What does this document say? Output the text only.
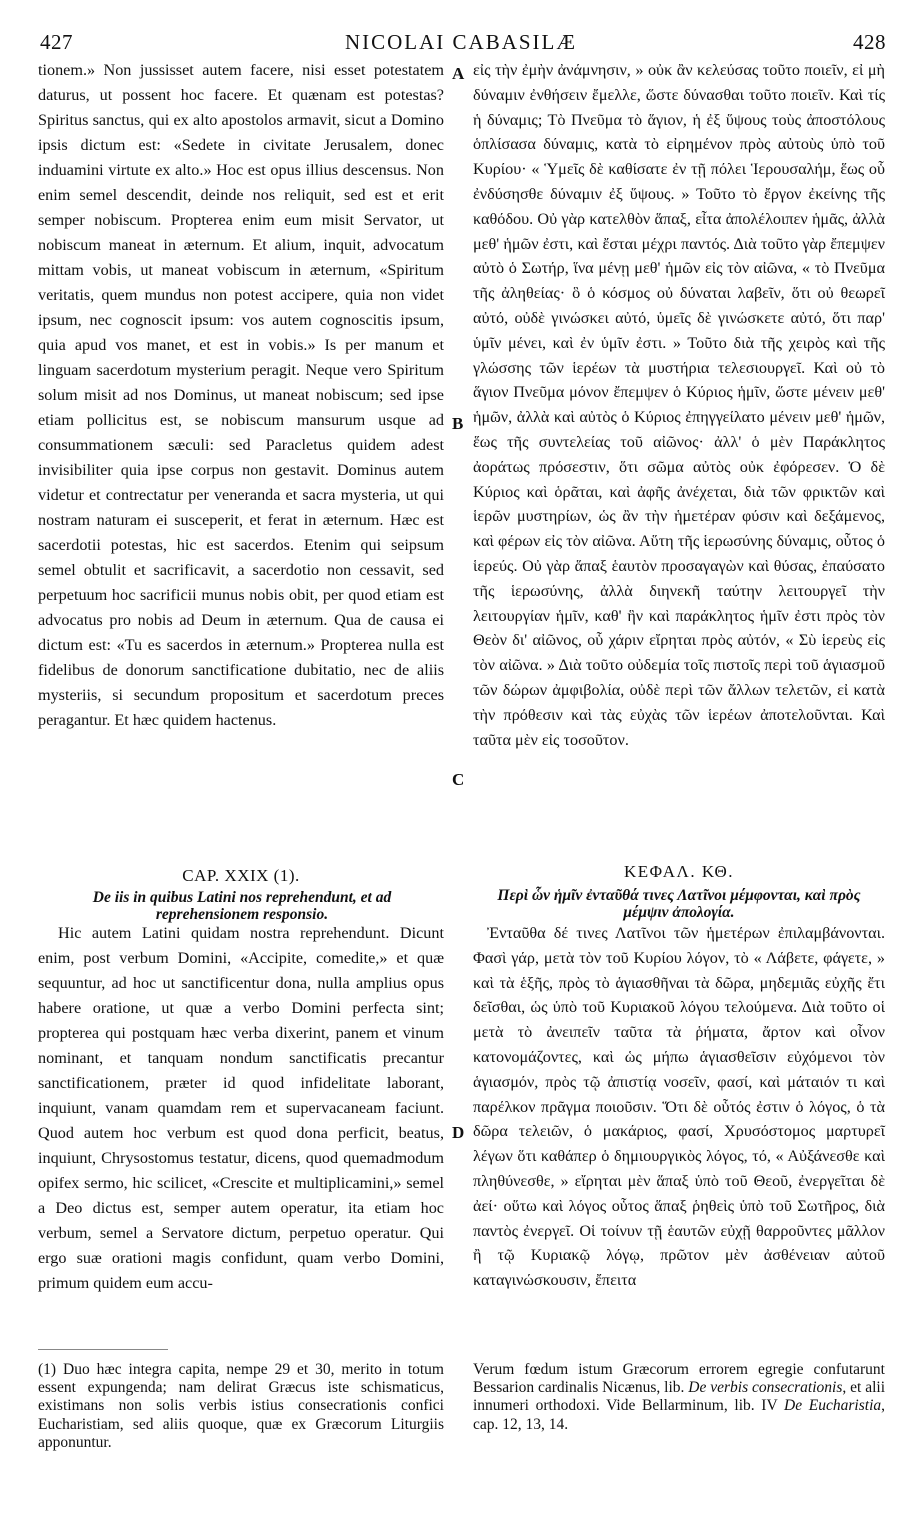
427	NICOLAI CABASILÆ	428

tionem.» Non jussisset autem facere, nisi esset potestatem daturus, ut possent hoc facere. Et quænam est potestas? Spiritus sanctus, qui ex alto apostolos armavit, sicut a Domino ipsis dictum est: «Sedete in civitate Jerusalem, donec induamini virtute ex alto.» Hoc est opus illius descensus. Non enim semel descendit, deinde nos reliquit, sed est et erit semper nobiscum. Propterea enim eum misit Servator, ut nobiscum maneat in æternum. Et alium, inquit, advocatum mittam vobis, ut maneat vobiscum in æternum, «Spiritum veritatis, quem mundus non potest accipere, quia non videt ipsum, nec cognoscit ipsum: vos autem cognoscitis ipsum, quia apud vos manet, et est in vobis.» Is per manum et linguam sacerdotum mysterium peragit. Neque vero Spiritum solum misit ad nos Dominus, ut maneat nobiscum; sed ipse etiam pollicitus est, se nobiscum mansurum usque ad consummationem sæculi: sed Paracletus quidem adest invisibiliter quia ipse corpus non gestavit. Dominus autem videtur et contrectatur per veneranda et sacra mysteria, ut qui nostram naturam ei susceperit, et ferat in æternum. Hæc est sacerdotii potestas, hic est sacerdos. Etenim qui seipsum semel obtulit et sacrificavit, a sacerdotio non cessavit, sed perpetuum hoc sacrificii munus nobis obit, per quod etiam est advocatus pro nobis ad Deum in æternum. Qua de causa ei dictum est: «Tu es sacerdos in æternum.» Propterea nulla est fidelibus de donorum sanctificatione dubitatio, nec de aliis mysteriis, si secundum propositum et sacerdotum preces peragantur. Et hæc quidem hactenus.

εἰς τὴν ἐμὴν ἀνάμνησιν, » οὐκ ἂν κελεύσας τοῦτο ποιεῖν, εἰ μὴ δύναμιν ἐνθήσειν ἔμελλε, ὥστε δύνασθαι τοῦτο ποιεῖν. Καὶ τίς ἡ δύναμις; Τὸ Πνεῦμα τὸ ἅγιον, ἡ ἐξ ὕψους τοὺς ἀποστόλους ὁπλίσασα δύναμις, κατὰ τὸ εἰρημένον πρὸς αὐτοὺς ὑπὸ τοῦ Κυρίου· « Ὑμεῖς δὲ καθίσατε ἐν τῇ πόλει Ἱερουσαλήμ, ἕως οὗ ἐνδύσησθε δύναμιν ἐξ ὕψους. » Τοῦτο τὸ ἔργον ἐκείνης τῆς καθόδου. Οὐ γὰρ κατελθὸν ἅπαξ, εἶτα ἀπολέλοιπεν ἡμᾶς, ἀλλὰ μεθ' ἡμῶν ἐστι, καὶ ἔσται μέχρι παντός. Διὰ τοῦτο γὰρ ἔπεμψεν αὐτὸ ὁ Σωτήρ, ἵνα μένῃ μεθ' ἡμῶν εἰς τὸν αἰῶνα, « τὸ Πνεῦμα τῆς ἀληθείας· ὃ ὁ κόσμος οὐ δύναται λαβεῖν, ὅτι οὐ θεωρεῖ αὐτό, οὐδὲ γινώσκει αὐτό, ὑμεῖς δὲ γινώσκετε αὐτό, ὅτι παρ' ὑμῖν μένει, καὶ ἐν ὑμῖν ἐστι. » Τοῦτο διὰ τῆς χειρὸς καὶ τῆς γλώσσης τῶν ἱερέων τὰ μυστήρια τελεσιουργεῖ. Καὶ οὐ τὸ ἅγιον Πνεῦμα μόνον ἔπεμψεν ὁ Κύριος ἡμῖν, ὥστε μένειν μεθ' ἡμῶν, ἀλλὰ καὶ αὐτὸς ὁ Κύριος ἐπηγγείλατο μένειν μεθ' ἡμῶν, ἕως τῆς συντελείας τοῦ αἰῶνος· ἀλλ' ὁ μὲν Παράκλητος ἀοράτως πρόσεστιν, ὅτι σῶμα αὐτὸς οὐκ ἐφόρεσεν. Ὁ δὲ Κύριος καὶ ὁρᾶται, καὶ ἀφῆς ἀνέχεται, διὰ τῶν φρικτῶν καὶ ἱερῶν μυστηρίων, ὡς ἂν τὴν ἡμετέραν φύσιν καὶ δεξάμενος, καὶ φέρων εἰς τὸν αἰῶνα. Αὕτη τῆς ἱερωσύνης δύναμις, οὗτος ὁ ἱερεύς. Οὐ γὰρ ἅπαξ ἑαυτὸν προσαγαγὼν καὶ θύσας, ἐπαύσατο τῆς ἱερωσύνης, ἀλλὰ διηνεκῆ ταύτην λειτουργεῖ τὴν λειτουργίαν ἡμῖν, καθ' ἣν καὶ παράκλητος ἡμῖν ἐστι πρὸς τὸν Θεὸν δι' αἰῶνος, οὗ χάριν εἴρηται πρὸς αὐτόν, « Σὺ ἱερεὺς εἰς τὸν αἰῶνα. » Διὰ τοῦτο οὐδεμία τοῖς πιστοῖς περὶ τοῦ ἁγιασμοῦ τῶν δώρων ἀμφιβολία, οὐδὲ περὶ τῶν ἄλλων τελετῶν, εἰ κατὰ τὴν πρόθεσιν καὶ τὰς εὐχὰς τῶν ἱερέων ἀποτελοῦνται. Καὶ ταῦτα μὲν εἰς τοσοῦτον.

A
B
C
D
CAP. XXIX (1).
De iis in quibus Latini nos reprehendunt, et ad reprehensionem responsio.
ΚΕΦΑΛ. ΚΘ.
Περὶ ὧν ἡμῖν ἐνταῦθά τινες Λατῖνοι μέμφονται, καὶ πρὸς μέμψιν ἀπολογία.

Hic autem Latini quidam nostra reprehendunt. Dicunt enim, post verbum Domini, «Accipite, comedite,» et quæ sequuntur, ad hoc ut sanctificentur dona, nulla amplius opus habere oratione, ut quæ a verbo Domini perfecta sint; propterea qui postquam hæc verba dixerint, panem et vinum nominant, et tanquam nondum sanctificatis precantur sanctificationem, præter id quod infidelitate laborant, inquiunt, vanam quamdam rem et supervacaneam faciunt. Quod autem hoc verbum est quod dona perficit, beatus, inquiunt, Chrysostomus testatur, dicens, quod quemadmodum opifex sermo, hic scilicet, «Crescite et multiplicamini,» semel a Deo dictus est, semper autem operatur, ita etiam hoc verbum, semel a Servatore dictum, perpetuo operatur. Qui ergo suæ orationi magis confidunt, quam verbo Domini, primum quidem eum accu-

Ἐνταῦθα δέ τινες Λατῖνοι τῶν ἡμετέρων ἐπιλαμβάνονται. Φασὶ γάρ, μετὰ τὸν τοῦ Κυρίου λόγον, τὸ « Λάβετε, φάγετε, » καὶ τὰ ἑξῆς, πρὸς τὸ ἁγιασθῆναι τὰ δῶρα, μηδεμιᾶς εὐχῆς ἔτι δεῖσθαι, ὡς ὑπὸ τοῦ Κυριακοῦ λόγου τελούμενα. Διὰ τοῦτο οἱ μετὰ τὸ ἀνειπεῖν ταῦτα τὰ ῥήματα, ἄρτον καὶ οἶνον κατονομάζοντες, καὶ ὡς μήπω ἁγιασθεῖσιν εὐχόμενοι τὸν ἁγιασμόν, πρὸς τῷ ἀπιστίᾳ νοσεῖν, φασί, καὶ μάταιόν τι καὶ παρέλκον πρᾶγμα ποιοῦσιν. Ὅτι δὲ οὗτός ἐστιν ὁ λόγος, ὁ τὰ δῶρα τελειῶν, ὁ μακάριος, φασί, Χρυσόστομος μαρτυρεῖ λέγων ὅτι καθάπερ ὁ δημιουργικὸς λόγος, τό, « Αὐξάνεσθε καὶ πληθύνεσθε, » εἴρηται μὲν ἅπαξ ὑπὸ τοῦ Θεοῦ, ἐνεργεῖται δὲ ἀεί· οὕτω καὶ λόγος οὗτος ἅπαξ ῥηθεὶς ὑπὸ τοῦ Σωτῆρος, διὰ παντὸς ἐνεργεῖ. Οἱ τοίνυν τῇ ἑαυτῶν εὐχῇ θαρροῦντες μᾶλλον ἢ τῷ Κυριακῷ λόγῳ, πρῶτον μὲν ἀσθένειαν αὐτοῦ καταγινώσκουσιν, ἔπειτα

(1) Duo hæc integra capita, nempe 29 et 30, merito in totum essent expungenda; nam delirat Græcus iste schismaticus, existimans non solis verbis istius consecrationis confici Eucharistiam, sed aliis quoque, quæ ex Græcorum Liturgiis apponuntur.
Verum fœdum istum Græcorum errorem egregie confutarunt Bessarion cardinalis Nicænus, lib. De verbis consecrationis, et alii innumeri orthodoxi. Vide Bellarminum, lib. IV De Eucharistia, cap. 12, 13, 14.
